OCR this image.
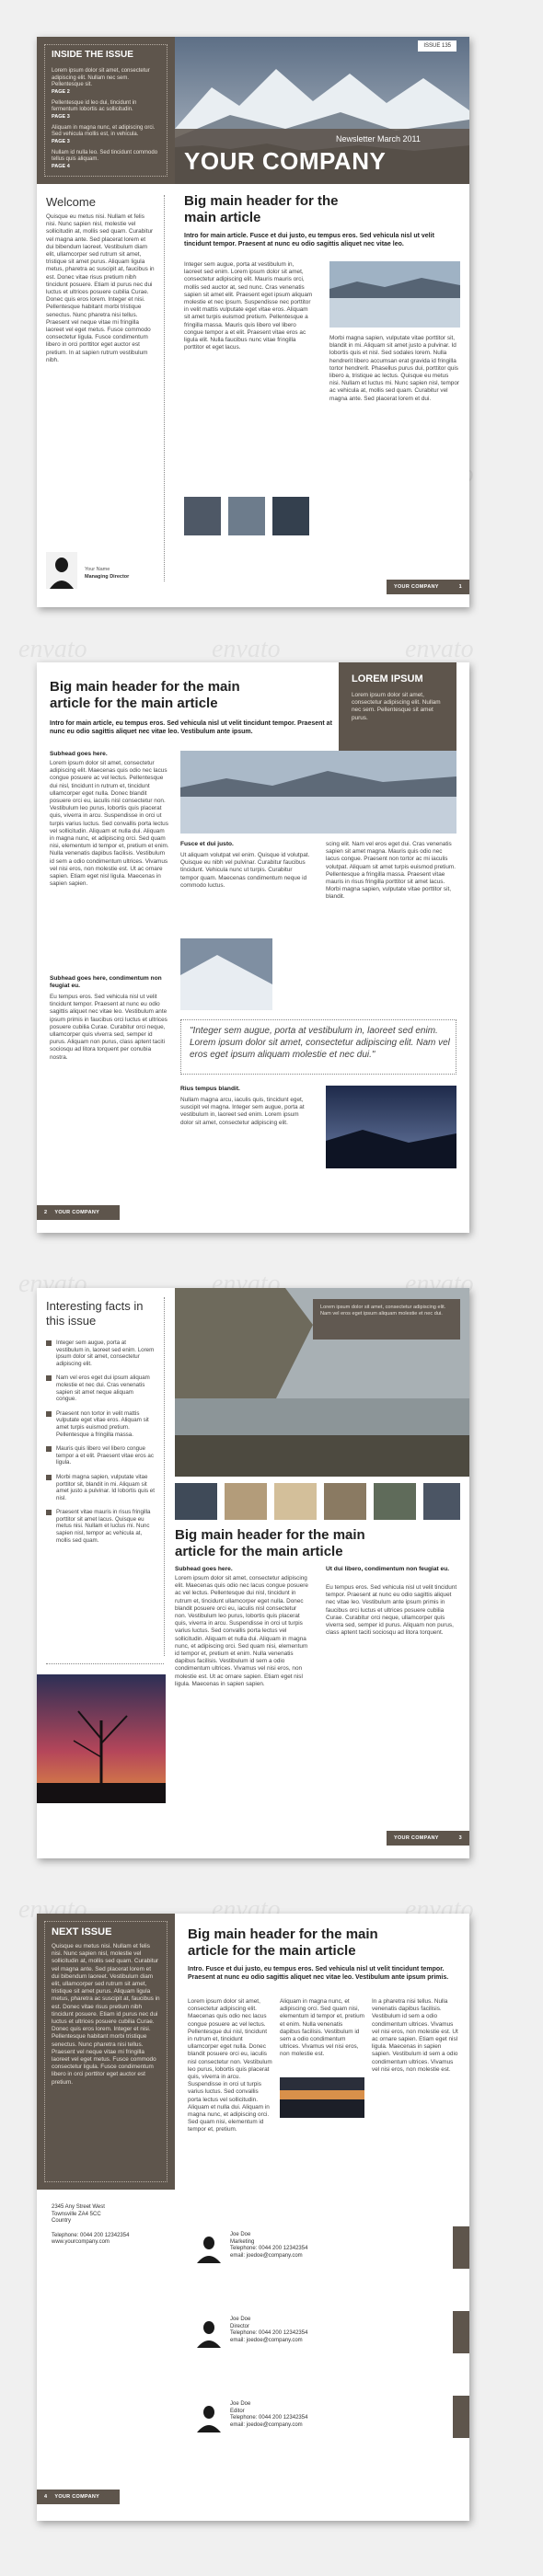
envato	envato	envato
envato	envato	envato
envato	envato	envato
ISSUE 135
Newsletter March 2011
YOUR COMPANY
INSIDE THE ISSUE
Lorem ipsum dolor sit amet, consectetur adipiscing elit. Nullam nec sem. Pellentesque sit.
PAGE 2
Pellentesque id leo dui, tincidunt in fermentum lobortis ac sollicitudin.
PAGE 3
Aliquam in magna nunc, et adipiscing orci. Sed vehicula mollis est, in vehicula.
PAGE 3
Nullam id nulla leo. Sed tincidunt commodo tellus quis aliquam.
PAGE 4
Welcome
Quisque eu metus nisi. Nullam et felis nisi. Nunc sapien nisl, molestie vel sollicitudin at, mollis sed quam. Curabitur vel magna ante. Sed placerat lorem et dui bibendum laoreet. Vestibulum diam elit, ullamcorper sed rutrum sit amet, tristique sit amet purus. Aliquam ligula metus, pharetra ac suscipit at, faucibus in est. Donec vitae risus pretium nibh tincidunt posuere. Etiam id purus nec dui luctus et ultrices posuere cubilia Curae. Donec quis eros lorem. Integer et nisi. Pellentesque habitant morbi tristique senectus. Nunc pharetra nisi tellus. Praesent vel neque vitae mi fringilla laoreet vel eget metus. Fusce commodo consectetur ligula. Fusce condimentum libero in orci porttitor eget auctor est pretium. In at sapien rutrum vestibulum nibh.
Your Name
Managing Director
Big main header for the main article
Intro for main article. Fusce et dui justo, eu tempus eros. Sed vehicula nisl ut velit tincidunt tempor. Praesent at nunc eu odio sagittis aliquet nec vitae leo.
Integer sem augue, porta at vestibulum in, laoreet sed enim. Lorem ipsum dolor sit amet, consectetur adipiscing elit. Mauris mauris orci, mollis sed auctor at, sed nunc. Cras venenatis sapien sit amet elit. Praesent eget ipsum aliquam molestie et nec ipsum. Suspendisse nec porttitor in velit mattis vulputate eget vitae eros. Aliquam sit amet turpis euismod pretium. Pellentesque a fringilla massa. Mauris quis libero vel libero congue tempor a et elit. Praesent vitae eros ac ligula elit. Nulla faucibus nunc vitae fringilla porttitor et eget lacus.
Morbi magna sapien, vulputate vitae porttitor sit, blandit in mi. Aliquam sit amet justo a pulvinar. Id lobortis quis et nisl. Sed sodales lorem. Nulla hendrerit libero accumsan erat gravida id fringilla tortor hendrerit. Phasellus purus dui, porttitor quis libero a, tristique ac lectus. Quisque eu metus nisi. Nullam et luctus mi. Nunc sapien nisl, tempor ac vehicula at, mollis sed quam. Curabitur vel magna ante. Sed placerat lorem et dui.
YOUR COMPANY	1
Big main header for the main article for the main article
LOREM IPSUM
Lorem ipsum dolor sit amet, consectetur adipiscing elit. Nullam nec sem. Pellentesque sit amet purus.
Intro for main article, eu tempus eros. Sed vehicula nisl ut velit tincidunt tempor. Praesent at nunc eu odio sagittis aliquet nec vitae leo. Vestibulum ante ipsum.
Subhead goes here.
Lorem ipsum dolor sit amet, consectetur adipiscing elit. Maecenas quis odio nec lacus congue posuere ac vel lectus. Pellentesque dui nisl, tincidunt in rutrum et, tincidunt ullamcorper eget nulla. Donec blandit posuere orci eu, iaculis nisl consectetur non. Vestibulum leo purus, lobortis quis placerat quis, viverra in arcu. Suspendisse in orci ut turpis varius luctus. Sed convallis porta lectus vel sollicitudin. Aliquam et nulla dui. Aliquam in magna nunc, et adipiscing orci. Sed quam nisi, elementum id tempor et, pretium et enim. Nulla venenatis dapibus facilisis. Vestibulum id sem a odio condimentum ultrices. Vivamus vel nisi eros, non molestie est. Ut ac ornare sapien. Etiam eget nisl ligula. Maecenas in sapien sapien.
Subhead goes here, condimentum non feugiat eu.
Eu tempus eros. Sed vehicula nisl ut velit tincidunt tempor. Praesent at nunc eu odio sagittis aliquet nec vitae leo. Vestibulum ante ipsum primis in faucibus orci luctus et ultrices posuere cubilia Curae. Curabitur orci neque, ullamcorper quis viverra sed, semper id purus. Aliquam non purus, class aptent taciti sociosqu ad litora torquent per conubia nostra.
Fusce et dui justo.
Ut aliquam volutpat vel enim. Quisque id volutpat. Quisque eu nibh vel pulvinar. Curabitur faucibus tincidunt. Vehicula nunc ut turpis. Curabitur tempor quam. Maecenas condimentum neque id commodo luctus.
scing elit. Nam vel eros eget dui. Cras venenatis sapien sit amet magna. Mauris quis odio nec lacus congue. Praesent non tortor ac mi iaculis volutpat. Aliquam sit amet turpis euismod pretium. Pellentesque a fringilla massa. Praesent vitae mauris in risus fringilla porttitor sit amet lacus. Morbi magna sapien, vulputate vitae porttitor sit, blandit.
"Integer sem augue, porta at vestibulum in, laoreet sed enim. Lorem ipsum dolor sit amet, consectetur adipiscing elit. Nam vel eros eget ipsum aliquam molestie et nec dui."
Rius tempus blandit.
Nullam magna arcu, iaculis quis, tincidunt eget, suscipit vel magna. Integer sem augue, porta at vestibulum in, laoreet sed enim. Lorem ipsum dolor sit amet, consectetur adipiscing elit.
2 YOUR COMPANY
Interesting facts in this issue
Integer sem augue, porta at vestibulum in, laoreet sed enim. Lorem ipsum dolor sit amet, consectetur adipiscing elit.
Nam vel eros eget dui ipsum aliquam molestie et nec dui. Cras venenatis sapien sit amet neque aliquam congue.
Praesent non tortor in velit mattis vulputate eget vitae eros. Aliquam sit amet turpis euismod pretium. Pellentesque a fringilla massa.
Mauris quis libero vel libero congue tempor a et elit. Praesent vitae eros ac ligula.
Morbi magna sapien, vulputate vitae porttitor sit, blandit in mi. Aliquam sit amet justo a pulvinar. Id lobortis quis et nisl.
Praesent vitae mauris in risus fringilla porttitor sit amet lacus. Quisque eu metus nisi. Nullam et luctus mi. Nunc sapien nisl, tempor ac vehicula at, mollis sed quam.
Lorem ipsum dolor sit amet, consectetur adipiscing elit. Nam vel eros eget ipsum aliquam molestie et nec dui.
Big main header for the main article for the main article
Subhead goes here.
Lorem ipsum dolor sit amet, consectetur adipiscing elit. Maecenas quis odio nec lacus congue posuere ac vel lectus. Pellentesque dui nisl, tincidunt in rutrum et, tincidunt ullamcorper eget nulla. Donec blandit posuere orci eu, iaculis nisl consectetur non. Vestibulum leo purus, lobortis quis placerat quis, viverra in arcu. Suspendisse in orci ut turpis varius luctus. Sed convallis porta lectus vel sollicitudin. Aliquam et nulla dui. Aliquam in magna nunc, et adipiscing orci. Sed quam nisi, elementum id tempor et, pretium et enim. Nulla venenatis dapibus facilisis. Vestibulum id sem a odio condimentum ultrices. Vivamus vel nisi eros, non molestie est. Ut ac ornare sapien. Etiam eget nisl ligula. Maecenas in sapien sapien.
Ut dui libero, condimentum non feugiat eu.
Eu tempus eros. Sed vehicula nisl ut velit tincidunt tempor. Praesent at nunc eu odio sagittis aliquet nec vitae leo. Vestibulum ante ipsum primis in faucibus orci luctus et ultrices posuere cubilia Curae. Curabitur orci neque, ullamcorper quis viverra sed, semper id purus. Aliquam non purus, class aptent taciti sociosqu ad litora torquent.
YOUR COMPANY	3
NEXT ISSUE
Quisque eu metus nisi. Nullam et felis nisi. Nunc sapien nisl, molestie vel sollicitudin at, mollis sed quam. Curabitur vel magna ante. Sed placerat lorem et dui bibendum laoreet. Vestibulum diam elit, ullamcorper sed rutrum sit amet, tristique sit amet purus. Aliquam ligula metus, pharetra ac suscipit at, faucibus in est. Donec vitae risus pretium nibh tincidunt posuere. Etiam id purus nec dui luctus et ultrices posuere cubilia Curae. Donec quis eros lorem. Integer et nisi. Pellentesque habitant morbi tristique senectus. Nunc pharetra nisi tellus. Praesent vel neque vitae mi fringilla laoreet vel eget metus. Fusce commodo consectetur ligula. Fusce condimentum libero in orci porttitor eget auctor est pretium.
2345 Any Street West
Townsville ZA4 5CC
Country
Telephone: 0044 200 12342354
www.yourcompany.com
Big main header for the main article for the main article
Intro. Fusce et dui justo, eu tempus eros. Sed vehicula nisl ut velit tincidunt tempor. Praesent at nunc eu odio sagittis aliquet nec vitae leo. Vestibulum ante ipsum primis.
Lorem ipsum dolor sit amet, consectetur adipiscing elit. Maecenas quis odio nec lacus congue posuere ac vel lectus. Pellentesque dui nisl, tincidunt in rutrum et, tincidunt ullamcorper eget nulla. Donec blandit posuere orci eu, iaculis nisl consectetur non. Vestibulum leo purus, lobortis quis placerat quis, viverra in arcu. Suspendisse in orci ut turpis varius luctus. Sed convallis porta lectus vel sollicitudin. Aliquam et nulla dui. Aliquam in magna nunc, et adipiscing orci. Sed quam nisi, elementum id tempor et, pretium.
Aliquam in magna nunc, et adipiscing orci. Sed quam nisi, elementum id tempor et, pretium et enim. Nulla venenatis dapibus facilisis. Vestibulum id sem a odio condimentum ultrices. Vivamus vel nisi eros, non molestie est.
In a pharetra nisi tellus. Nulla venenatis dapibus facilisis. Vestibulum id sem a odio condimentum ultrices. Vivamus vel nisi eros, non molestie est. Ut ac ornare sapien. Etiam eget nisl ligula. Maecenas in sapien sapien. Vestibulum id sem a odio condimentum ultrices. Vivamus vel nisi eros, non molestie est.
Joe Doe
Marketing
Telephone: 0044 200 12342354
email: joedoe@company.com
Joe Doe
Director
Telephone: 0044 200 12342354
email: joedoe@company.com
Joe Doe
Editor
Telephone: 0044 200 12342354
email: joedoe@company.com
4 YOUR COMPANY
